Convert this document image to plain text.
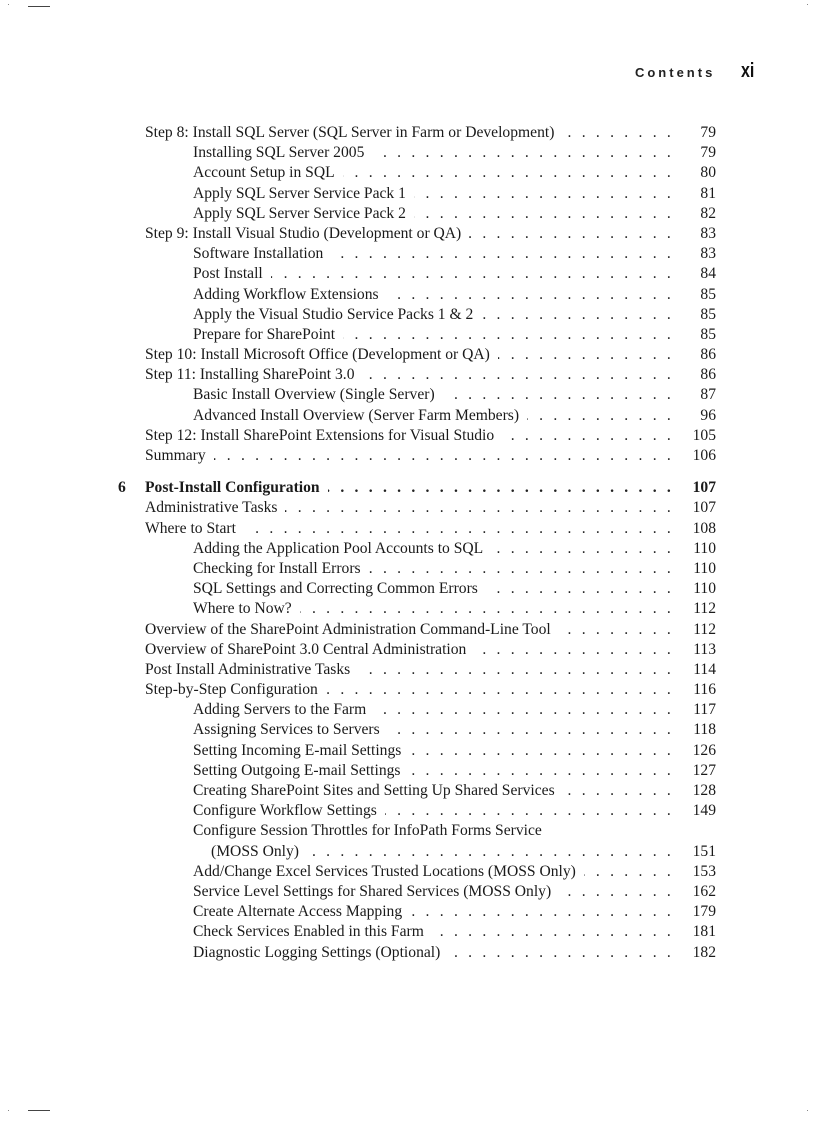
Contents xi
Step 8: Install SQL Server (SQL Server in Farm or Development) . . .	79
Installing SQL Server 2005 . . .	79
Account Setup in SQL . . .	80
Apply SQL Server Service Pack 1 . . .	81
Apply SQL Server Service Pack 2 . . .	82
Step 9: Install Visual Studio (Development or QA) . . .	83
Software Installation . . .	83
Post Install . . .	84
Adding Workflow Extensions . . .	85
Apply the Visual Studio Service Packs 1 & 2 . . .	85
Prepare for SharePoint . . .	85
Step 10: Install Microsoft Office (Development or QA) . . .	86
Step 11: Installing SharePoint 3.0 . . .	86
Basic Install Overview (Single Server) . . .	87
Advanced Install Overview (Server Farm Members) . . .	96
Step 12: Install SharePoint Extensions for Visual Studio . . .	105
Summary . . .	106
6 Post-Install Configuration . . .	107
Administrative Tasks . . .	107
Where to Start . . .	108
Adding the Application Pool Accounts to SQL . . .	110
Checking for Install Errors . . .	110
SQL Settings and Correcting Common Errors . . .	110
Where to Now? . . .	112
Overview of the SharePoint Administration Command-Line Tool . . .	112
Overview of SharePoint 3.0 Central Administration . . .	113
Post Install Administrative Tasks . . .	114
Step-by-Step Configuration . . .	116
Adding Servers to the Farm . . .	117
Assigning Services to Servers . . .	118
Setting Incoming E-mail Settings . . .	126
Setting Outgoing E-mail Settings . . .	127
Creating SharePoint Sites and Setting Up Shared Services . . .	128
Configure Workflow Settings . . .	149
Configure Session Throttles for InfoPath Forms Service
(MOSS Only) . . .	151
Add/Change Excel Services Trusted Locations (MOSS Only) . . .	153
Service Level Settings for Shared Services (MOSS Only) . . .	162
Create Alternate Access Mapping . . .	179
Check Services Enabled in this Farm . . .	181
Diagnostic Logging Settings (Optional) . . .	182
